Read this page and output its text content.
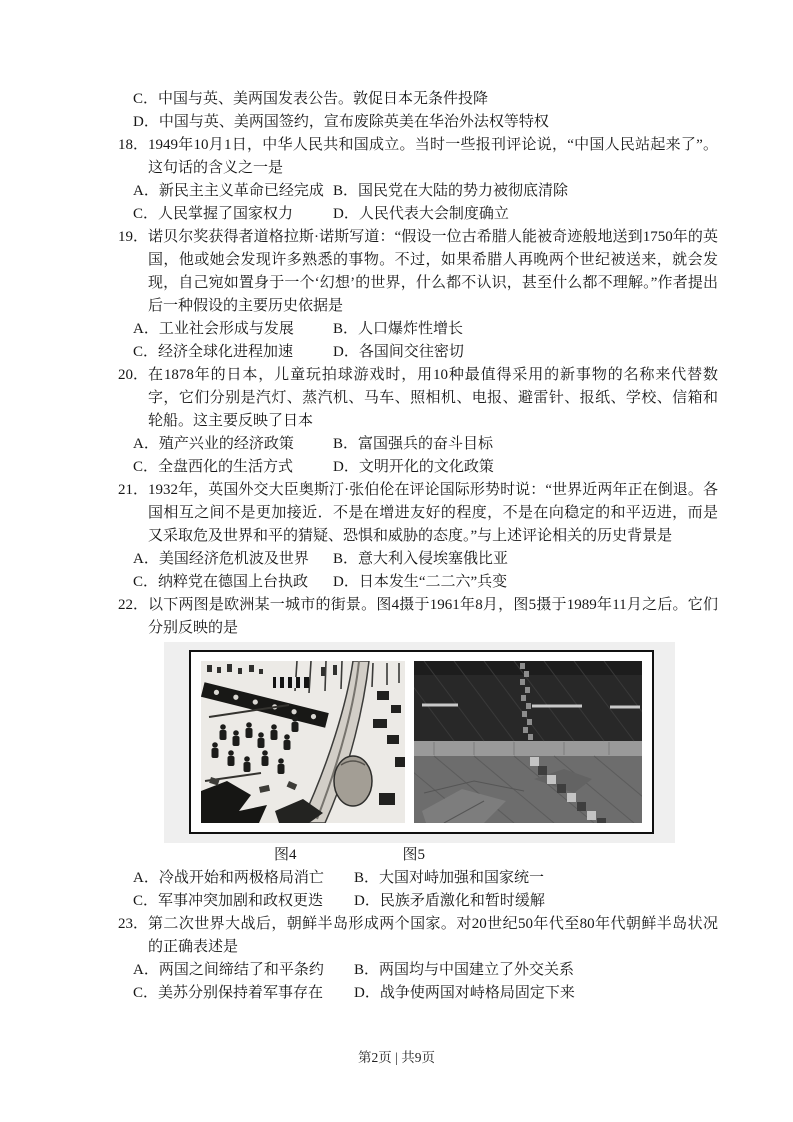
C．中国与英、美两国发表公告。敦促日本无条件投降
D．中国与英、美两国签约，宣布废除英美在华治外法权等特权
18． 1949年10月1日，中华人民共和国成立。当时一些报刊评论说，“中国人民站起来了”。这句话的含义之一是
A．新民主主义革命已经完成 B．国民党在大陆的势力被彻底清除
C．人民掌握了国家权力	D．人民代表大会制度确立
19． 诺贝尔奖获得者道格拉斯·诺斯写道：“假设一位古希腊人能被奇迹般地送到1750年的英国，他或她会发现许多熟悉的事物。不过，如果希腊人再晚两个世纪被送来，就会发现，自己宛如置身于一个‘幻想’的世界，什么都不认识，甚至什么都不理解。”作者提出后一种假设的主要历史依据是
A．工业社会形成与发展	B．人口爆炸性增长
C．经济全球化进程加速	D．各国间交往密切
20． 在1878年的日本，儿童玩拍球游戏时，用10种最值得采用的新事物的名称来代替数字，它们分别是汽灯、蒸汽机、马车、照相机、电报、避雷针、报纸、学校、信箱和轮船。这主要反映了日本
A．殖产兴业的经济政策	B．富国强兵的奋斗目标
C．全盘西化的生活方式	D．文明开化的文化政策
21． 1932年，英国外交大臣奥斯汀·张伯伦在评论国际形势时说：“世界近两年正在倒退。各国相互之间不是更加接近．不是在增进友好的程度，不是在向稳定的和平迈进，而是又采取危及世界和平的猜疑、恐惧和威胁的态度。”与上述评论相关的历史背景是
A．美国经济危机波及世界	B．意大利入侵埃塞俄比亚
C．纳粹党在德国上台执政	D．日本发生“二二六”兵变
22． 以下两图是欧洲某一城市的街景。图4摄于1961年8月，图5摄于1989年11月之后。它们分别反映的是
图4	图5
A．冷战开始和两极格局消亡	B．大国对峙加强和国家统一
C．军事冲突加剧和政权更迭	D．民族矛盾激化和暂时缓解
23． 第二次世界大战后，朝鲜半岛形成两个国家。对20世纪50年代至80年代朝鲜半岛状况的正确表述是
A．两国之间缔结了和平条约	B．两国均与中国建立了外交关系
C．美苏分别保持着军事存在	D．战争使两国对峙格局固定下来
第2页 | 共9页
